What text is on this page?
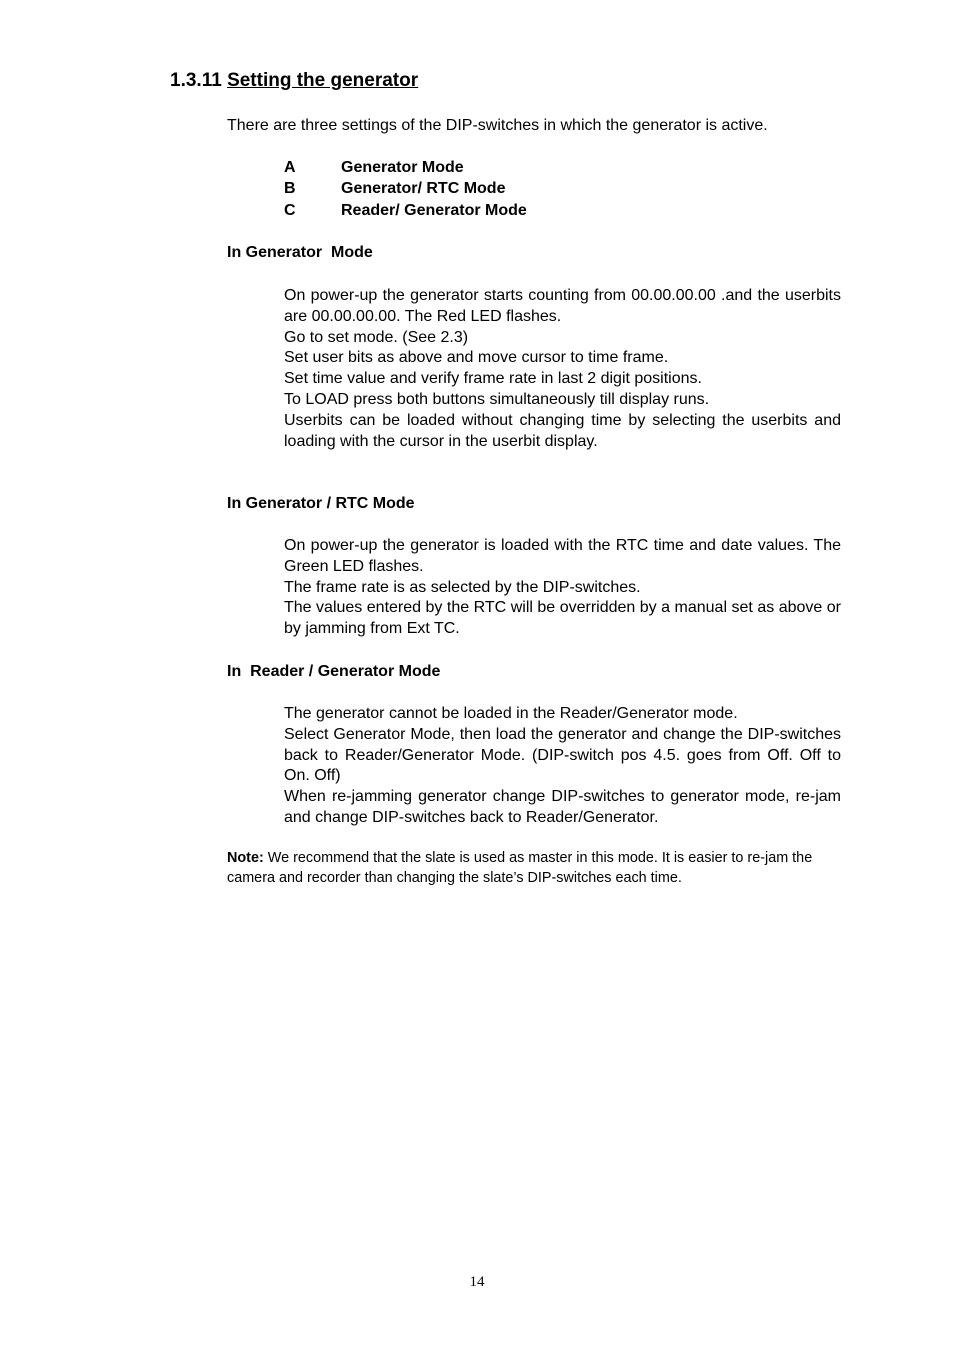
1.3.11 Setting the generator
There are three settings of the DIP-switches in which the generator is active.
A	Generator Mode
B	Generator/ RTC Mode
C	Reader/ Generator Mode
In Generator  Mode

On power-up the generator starts counting from 00.00.00.00 .and the userbits are 00.00.00.00. The Red LED flashes.

Go to set mode. (See 2.3)

Set user bits as above and move cursor to time frame.

Set time value and verify frame rate in last 2 digit positions.

To LOAD press both buttons simultaneously till display runs.

Userbits can be loaded without changing time by selecting the userbits and loading with the cursor in the userbit display.

In Generator / RTC Mode

On power-up the generator is loaded with the RTC time and date values. The Green LED flashes.

The frame rate is as selected by the DIP-switches.

The values entered by the RTC will be overridden by a manual set as above or by jamming from Ext TC.

In  Reader / Generator Mode

The generator cannot be loaded in the Reader/Generator mode.

Select Generator Mode, then load the generator and change the DIP-switches back to Reader/Generator Mode. (DIP-switch pos 4.5. goes from Off. Off to On. Off)

When re-jamming generator change DIP-switches to generator mode, re-jam and change DIP-switches back to Reader/Generator.

Note: We recommend that the slate is used as master in this mode. It is easier to re-jam the camera and recorder than changing the slate’s DIP-switches each time.
14
